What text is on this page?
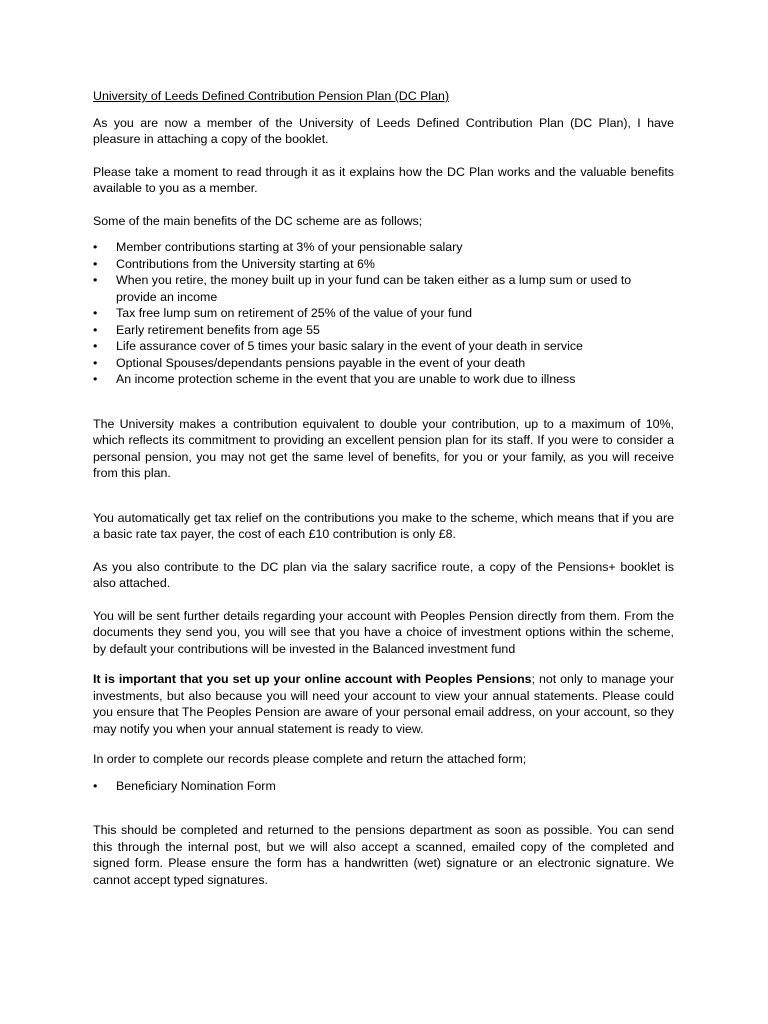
University of Leeds Defined Contribution Pension Plan (DC Plan)

As you are now a member of the University of Leeds Defined Contribution Plan (DC Plan), I have pleasure in attaching a copy of the booklet.

Please take a moment to read through it as it explains how the DC Plan works and the valuable benefits available to you as a member.

Some of the main benefits of the DC scheme are as follows;

• Member contributions starting at 3% of your pensionable salary
• Contributions from the University starting at 6%
• When you retire, the money built up in your fund can be taken either as a lump sum or used to provide an income
• Tax free lump sum on retirement of 25% of the value of your fund
• Early retirement benefits from age 55
• Life assurance cover of 5 times your basic salary in the event of your death in service
• Optional Spouses/dependants pensions payable in the event of your death
• An income protection scheme in the event that you are unable to work due to illness

The University makes a contribution equivalent to double your contribution, up to a maximum of 10%, which reflects its commitment to providing an excellent pension plan for its staff. If you were to consider a personal pension, you may not get the same level of benefits, for you or your family, as you will receive from this plan.

You automatically get tax relief on the contributions you make to the scheme, which means that if you are a basic rate tax payer, the cost of each £10 contribution is only £8.

As you also contribute to the DC plan via the salary sacrifice route, a copy of the Pensions+ booklet is also attached.

You will be sent further details regarding your account with Peoples Pension directly from them. From the documents they send you, you will see that you have a choice of investment options within the scheme, by default your contributions will be invested in the Balanced investment fund

It is important that you set up your online account with Peoples Pensions; not only to manage your investments, but also because you will need your account to view your annual statements. Please could you ensure that The Peoples Pension are aware of your personal email address, on your account, so they may notify you when your annual statement is ready to view.

In order to complete our records please complete and return the attached form;

• Beneficiary Nomination Form

This should be completed and returned to the pensions department as soon as possible. You can send this through the internal post, but we will also accept a scanned, emailed copy of the completed and signed form. Please ensure the form has a handwritten (wet) signature or an electronic signature. We cannot accept typed signatures.
